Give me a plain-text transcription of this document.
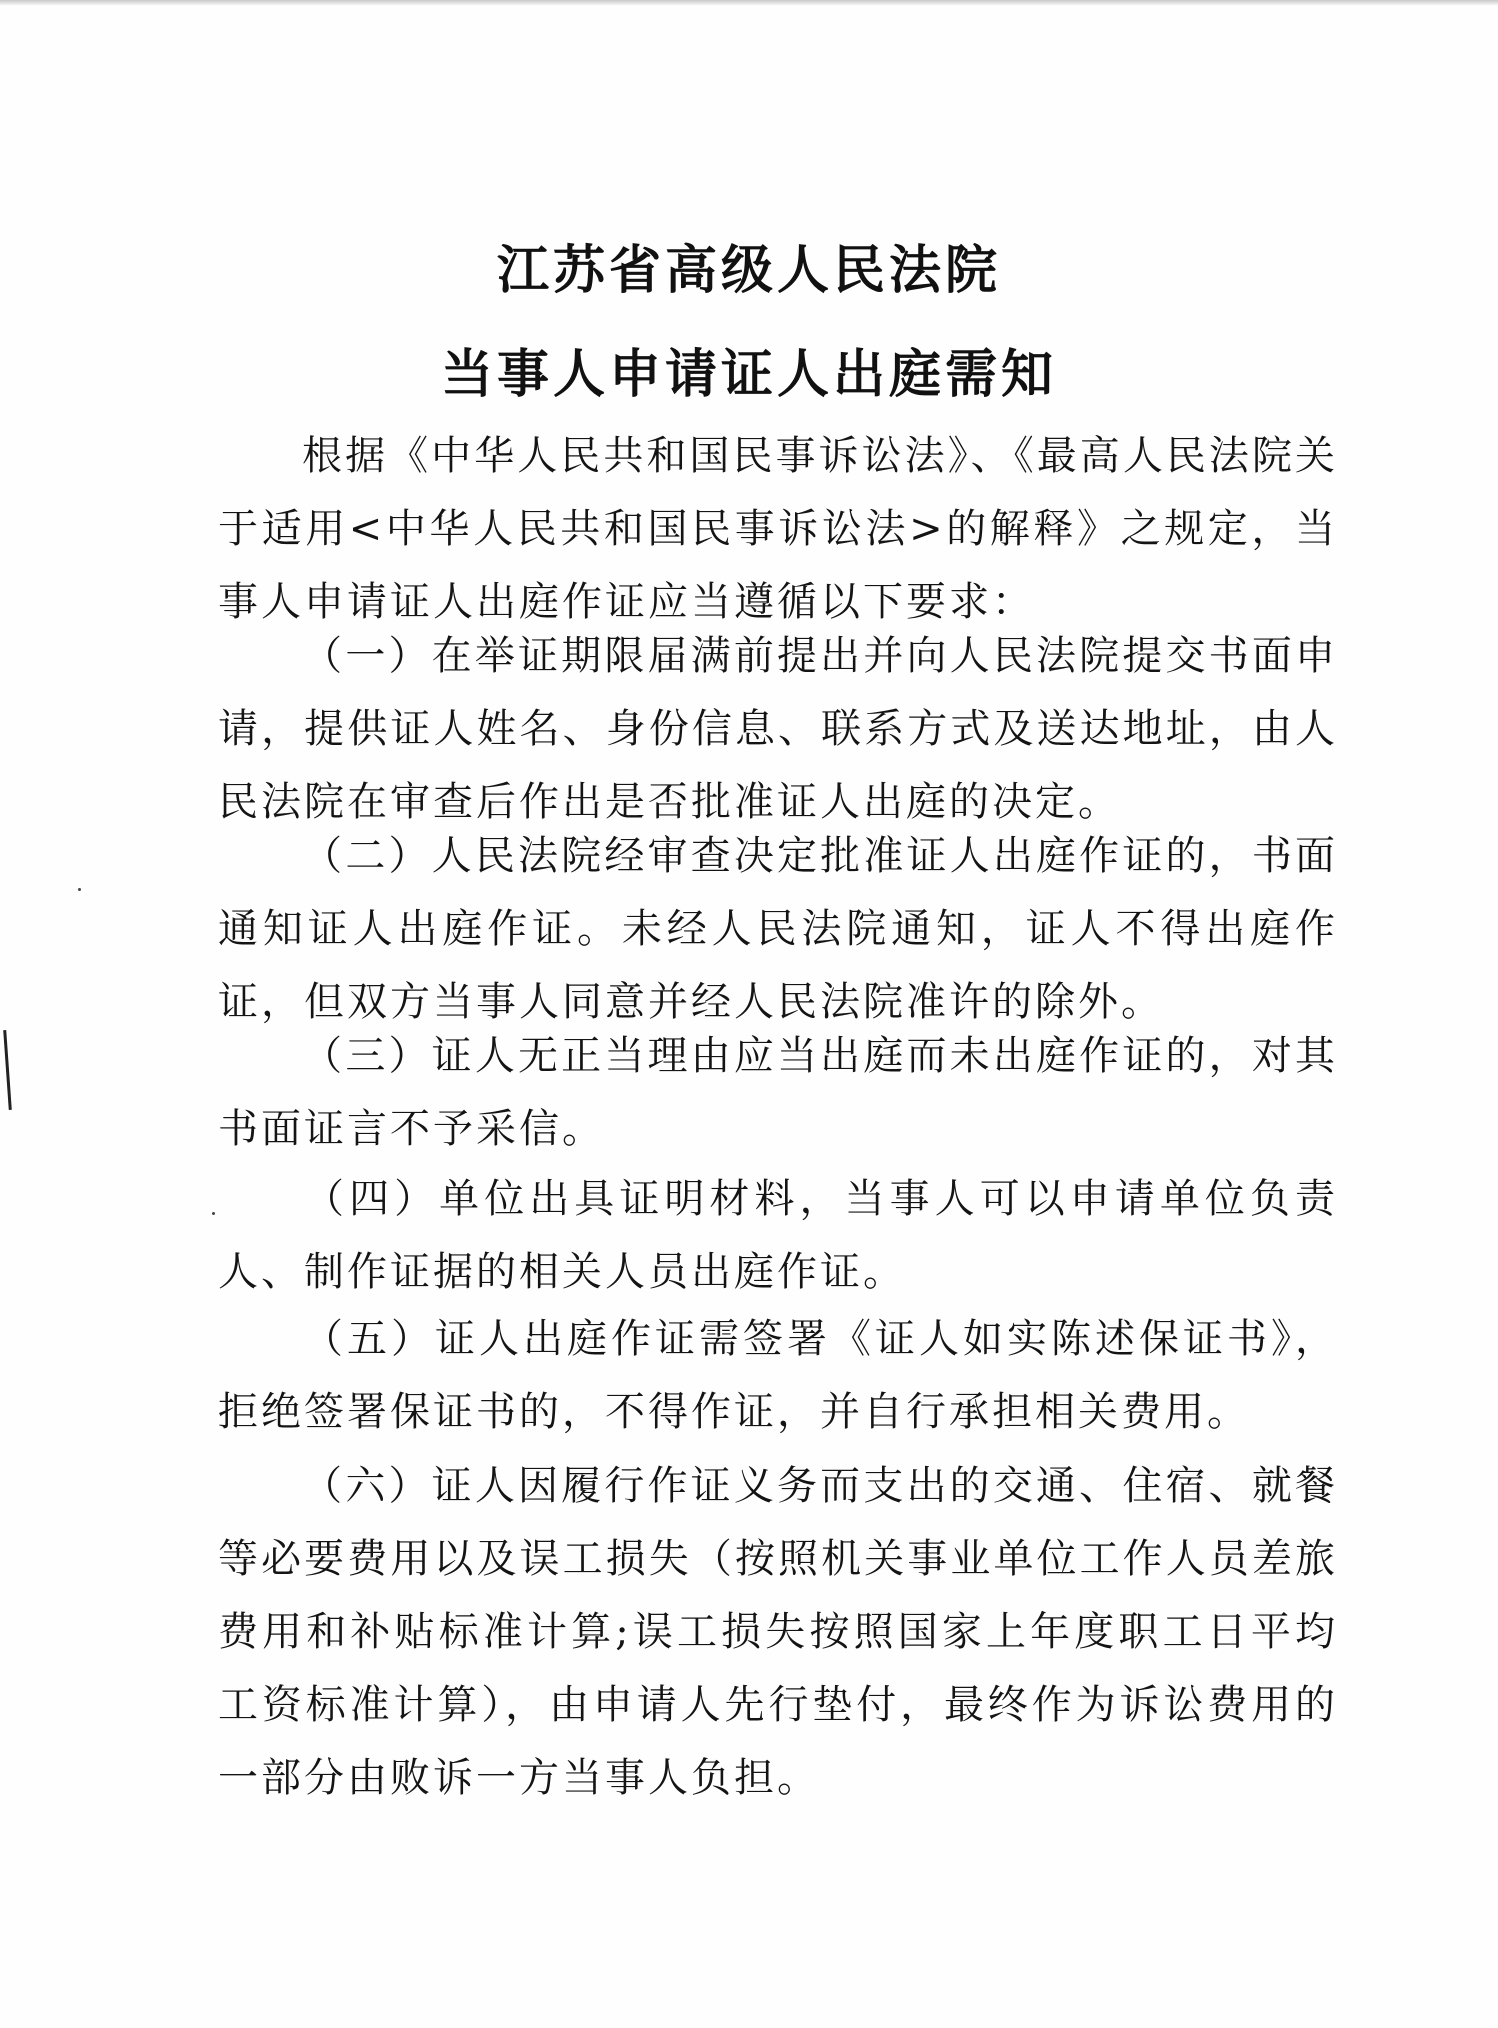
江苏省高级人民法院
当事人申请证人出庭需知

根据《中华人民共和国民事诉讼法》、《最高人民法院关于适用<中华人民共和国民事诉讼法>的解释》之规定，当事人申请证人出庭作证应当遵循以下要求：

（一）在举证期限届满前提出并向人民法院提交书面申请，提供证人姓名、身份信息、联系方式及送达地址，由人民法院在审查后作出是否批准证人出庭的决定。

（二）人民法院经审查决定批准证人出庭作证的，书面通知证人出庭作证。未经人民法院通知，证人不得出庭作证，但双方当事人同意并经人民法院准许的除外。

（三）证人无正当理由应当出庭而未出庭作证的，对其书面证言不予采信。

（四）单位出具证明材料，当事人可以申请单位负责人、制作证据的相关人员出庭作证。

（五）证人出庭作证需签署《证人如实陈述保证书》，拒绝签署保证书的，不得作证，并自行承担相关费用。

（六）证人因履行作证义务而支出的交通、住宿、就餐等必要费用以及误工损失（按照机关事业单位工作人员差旅费用和补贴标准计算;误工损失按照国家上年度职工日平均工资标准计算），由申请人先行垫付，最终作为诉讼费用的一部分由败诉一方当事人负担。
